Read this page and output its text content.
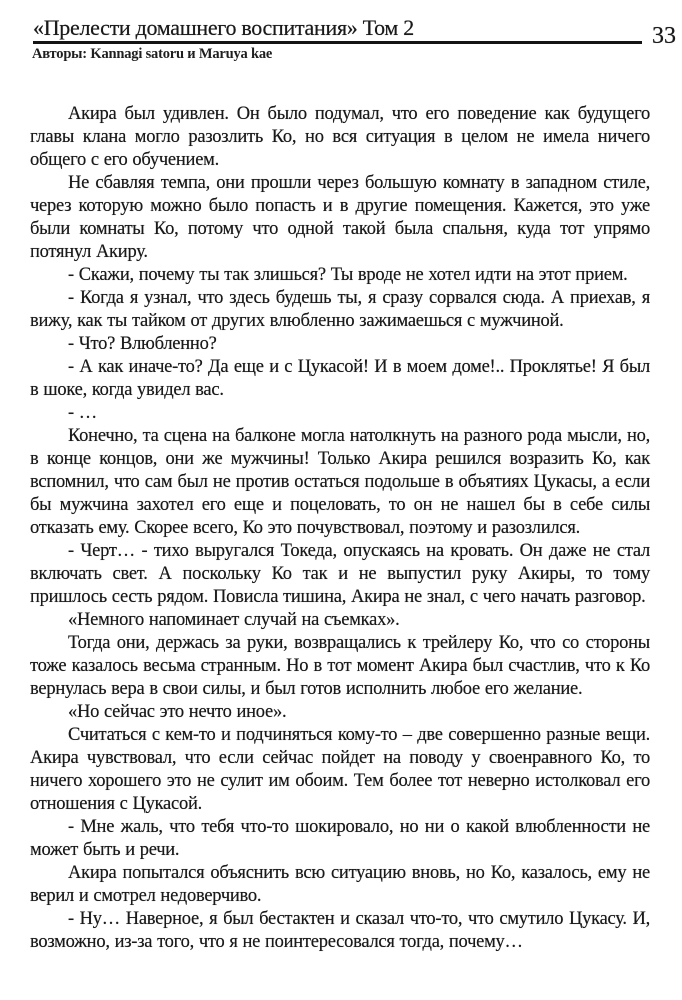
«Прелести домашнего воспитания» Том 2	33
Авторы: Kannagi satoru и Maruya kae

Акира был удивлен. Он было подумал, что его поведение как будущего главы клана могло разозлить Ко, но вся ситуация в целом не имела ничего общего с его обучением.

Не сбавляя темпа, они прошли через большую комнату в западном стиле, через которую можно было попасть и в другие помещения. Кажется, это уже были комнаты Ко, потому что одной такой была спальня, куда тот упрямо потянул Акиру.

- Скажи, почему ты так злишься? Ты вроде не хотел идти на этот прием.

- Когда я узнал, что здесь будешь ты, я сразу сорвался сюда. А приехав, я вижу, как ты тайком от других влюбленно зажимаешься с мужчиной.

- Что? Влюбленно?

- А как иначе-то? Да еще и с Цукасой! И в моем доме!.. Проклятье! Я был в шоке, когда увидел вас.

- …

Конечно, та сцена на балконе могла натолкнуть на разного рода мысли, но, в конце концов, они же мужчины! Только Акира решился возразить Ко, как вспомнил, что сам был не против остаться подольше в объятиях Цукасы, а если бы мужчина захотел его еще и поцеловать, то он не нашел бы в себе силы отказать ему. Скорее всего, Ко это почувствовал, поэтому и разозлился.

- Черт… - тихо выругался Токеда, опускаясь на кровать. Он даже не стал включать свет. А поскольку Ко так и не выпустил руку Акиры, то тому пришлось сесть рядом. Повисла тишина, Акира не знал, с чего начать разговор.

«Немного напоминает случай на съемках».

Тогда они, держась за руки, возвращались к трейлеру Ко, что со стороны тоже казалось весьма странным. Но в тот момент Акира был счастлив, что к Ко вернулась вера в свои силы, и был готов исполнить любое его желание.

«Но сейчас это нечто иное».

Считаться с кем-то и подчиняться кому-то – две совершенно разные вещи. Акира чувствовал, что если сейчас пойдет на поводу у своенравного Ко, то ничего хорошего это не сулит им обоим. Тем более тот неверно истолковал его отношения с Цукасой.

- Мне жаль, что тебя что-то шокировало, но ни о какой влюбленности не может быть и речи.

Акира попытался объяснить всю ситуацию вновь, но Ко, казалось, ему не верил и смотрел недоверчиво.

- Ну… Наверное, я был бестактен и сказал что-то, что смутило Цукасу. И, возможно, из-за того, что я не поинтересовался тогда, почему…
